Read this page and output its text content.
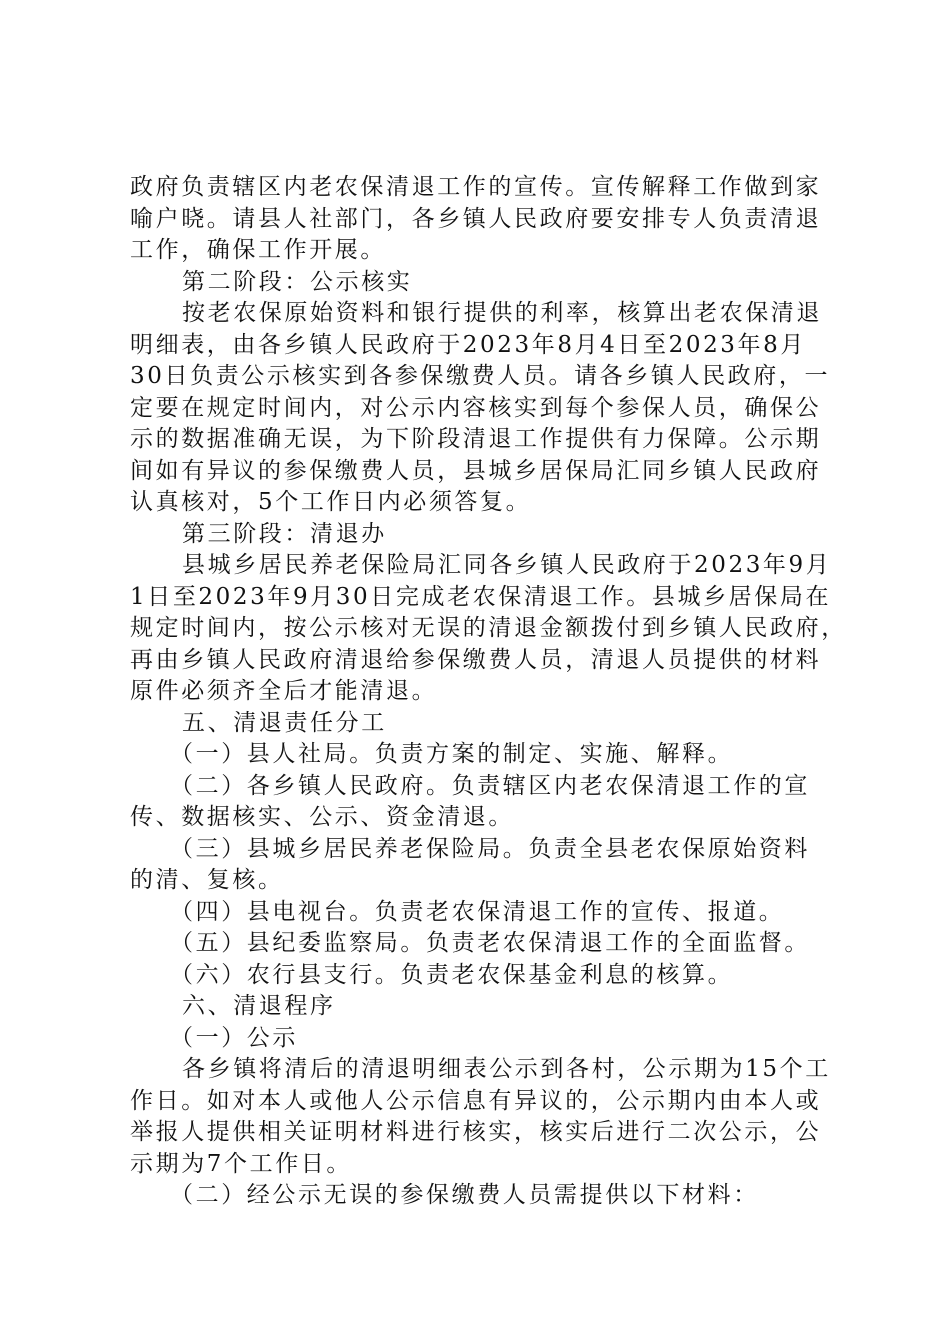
政府负责辖区内老农保清退工作的宣传。宣传解释工作做到家
喻户晓。请县人社部门，各乡镇人民政府要安排专人负责清退
工作，确保工作开展。
第二阶段：公示核实
按老农保原始资料和银行提供的利率，核算出老农保清退
明细表，由各乡镇人民政府于2023年8月4日至2023年8月
30日负责公示核实到各参保缴费人员。请各乡镇人民政府，一
定要在规定时间内，对公示内容核实到每个参保人员，确保公
示的数据准确无误，为下阶段清退工作提供有力保障。公示期
间如有异议的参保缴费人员，县城乡居保局汇同乡镇人民政府
认真核对，5个工作日内必须答复。
第三阶段：清退办
县城乡居民养老保险局汇同各乡镇人民政府于2023年9月
1日至2023年9月30日完成老农保清退工作。县城乡居保局在
规定时间内，按公示核对无误的清退金额拨付到乡镇人民政府，
再由乡镇人民政府清退给参保缴费人员，清退人员提供的材料
原件必须齐全后才能清退。
五、清退责任分工
（一）县人社局。负责方案的制定、实施、解释。
（二）各乡镇人民政府。负责辖区内老农保清退工作的宣
传、数据核实、公示、资金清退。
（三）县城乡居民养老保险局。负责全县老农保原始资料
的清、复核。
（四）县电视台。负责老农保清退工作的宣传、报道。
（五）县纪委监察局。负责老农保清退工作的全面监督。
（六）农行县支行。负责老农保基金利息的核算。
六、清退程序
（一）公示
各乡镇将清后的清退明细表公示到各村，公示期为15个工
作日。如对本人或他人公示信息有异议的，公示期内由本人或
举报人提供相关证明材料进行核实，核实后进行二次公示，公
示期为7个工作日。
（二）经公示无误的参保缴费人员需提供以下材料：
